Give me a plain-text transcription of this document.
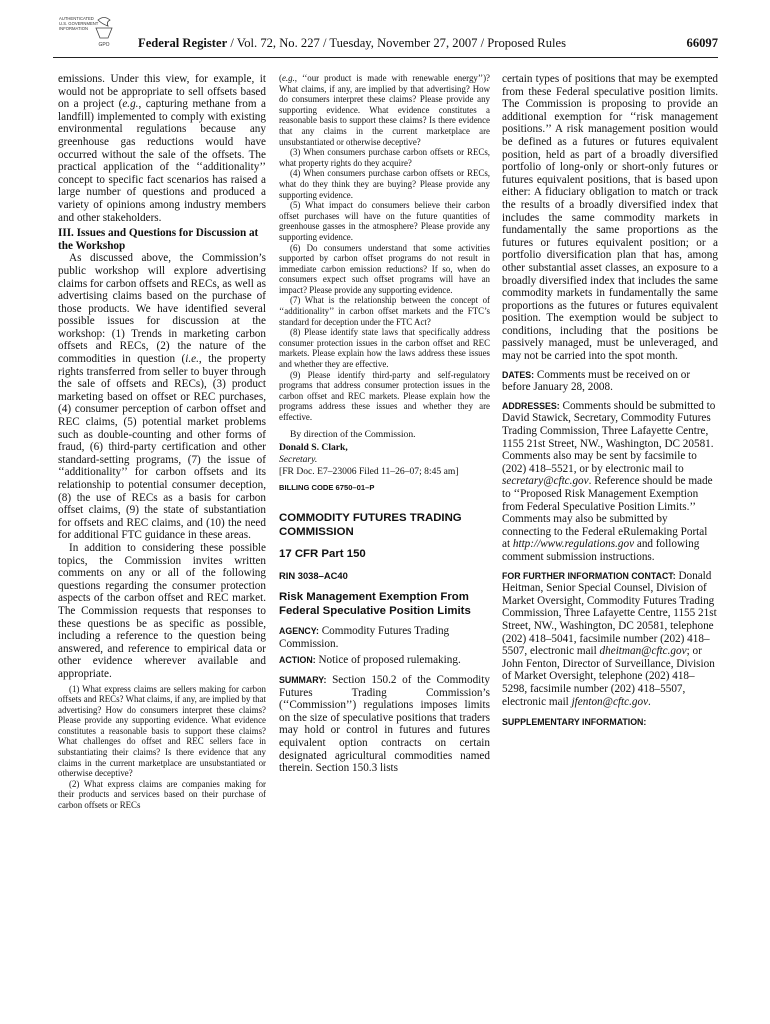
AUTHENTICATED
U.S. GOVERNMENT
INFORMATION
GPO Federal Register / Vol. 72, No. 227 / Tuesday, November 27, 2007 / Proposed Rules	66097

emissions. Under this view, for example, it would not be appropriate to sell offsets based on a project (e.g., capturing methane from a landfill) implemented to comply with existing environmental regulations because any greenhouse gas reductions would have occurred without the sale of the offsets. The practical application of the ‘‘additionality’’ concept to specific fact scenarios has raised a large number of questions and produced a variety of opinions among industry members and other stakeholders.

III. Issues and Questions for Discussion at the Workshop

As discussed above, the Commission’s public workshop will explore advertising claims for carbon offsets and RECs, as well as advertising claims based on the purchase of those products. We have identified several possible issues for discussion at the workshop: (1) Trends in marketing carbon offsets and RECs, (2) the nature of the commodities in question (i.e., the property rights transferred from seller to buyer through the sale of offsets and RECs), (3) product marketing based on offset or REC purchases, (4) consumer perception of carbon offset and REC claims, (5) potential market problems such as double-counting and other forms of fraud, (6) third-party certification and other standard-setting programs, (7) the issue of ‘‘additionality’’ for carbon offsets and its relationship to potential consumer deception, (8) the use of RECs as a basis for carbon offset claims, (9) the state of substantiation for offsets and REC claims, and (10) the need for additional FTC guidance in these areas.

In addition to considering these possible topics, the Commission invites written comments on any or all of the following questions regarding the consumer protection aspects of the carbon offset and REC market. The Commission requests that responses to these questions be as specific as possible, including a reference to the question being answered, and reference to empirical data or other evidence wherever available and appropriate.

(1) What express claims are sellers making for carbon offsets and RECs? What claims, if any, are implied by that advertising? How do consumers interpret these claims? Please provide any supporting evidence. What evidence constitutes a reasonable basis to support these claims? What challenges do offset and REC sellers face in substantiating their claims? Is there evidence that any claims in the current marketplace are unsubstantiated or otherwise deceptive?

(2) What express claims are companies making for their products and services based on their purchase of carbon offsets or RECs

(e.g., ‘‘our product is made with renewable energy’’)? What claims, if any, are implied by that advertising? How do consumers interpret these claims? Please provide any supporting evidence. What evidence constitutes a reasonable basis to support these claims? Is there evidence that any claims in the current marketplace are unsubstantiated or otherwise deceptive?

(3) When consumers purchase carbon offsets or RECs, what property rights do they acquire?

(4) When consumers purchase carbon offsets or RECs, what do they think they are buying? Please provide any supporting evidence.

(5) What impact do consumers believe their carbon offset purchases will have on the future quantities of greenhouse gasses in the atmosphere? Please provide any supporting evidence.

(6) Do consumers understand that some activities supported by carbon offset programs do not result in immediate carbon emission reductions? If so, when do consumers expect such offset programs will have an impact? Please provide any supporting evidence.

(7) What is the relationship between the concept of ‘‘additionality’’ in carbon offset markets and the FTC’s standard for deception under the FTC Act?

(8) Please identify state laws that specifically address consumer protection issues in the carbon offset and REC markets. Please explain how the laws address these issues and whether they are effective.

(9) Please identify third-party and self-regulatory programs that address consumer protection issues in the carbon offset and REC markets. Please explain how the programs address these issues and whether they are effective.

By direction of the Commission.

Donald S. Clark,

Secretary.

[FR Doc. E7–23006 Filed 11–26–07; 8:45 am]

BILLING CODE 6750–01–P

COMMODITY FUTURES TRADING COMMISSION

17 CFR Part 150

RIN 3038–AC40

Risk Management Exemption From Federal Speculative Position Limits

AGENCY: Commodity Futures Trading Commission.

ACTION: Notice of proposed rulemaking.

SUMMARY: Section 150.2 of the Commodity Futures Trading Commission’s (‘‘Commission’’) regulations imposes limits on the size of speculative positions that traders may hold or control in futures and futures equivalent option contracts on certain designated agricultural commodities named therein. Section 150.3 lists

certain types of positions that may be exempted from these Federal speculative position limits. The Commission is proposing to provide an additional exemption for ‘‘risk management positions.’’ A risk management position would be defined as a futures or futures equivalent position, held as part of a broadly diversified portfolio of long-only or short-only futures or futures equivalent positions, that is based upon either: A fiduciary obligation to match or track the results of a broadly diversified index that includes the same commodity markets in fundamentally the same proportions as the futures or futures equivalent position; or a portfolio diversification plan that has, among other substantial asset classes, an exposure to a broadly diversified index that includes the same commodity markets in fundamentally the same proportions as the futures or futures equivalent position. The exemption would be subject to conditions, including that the positions be passively managed, must be unleveraged, and may not be carried into the spot month.

DATES: Comments must be received on or before January 28, 2008.

ADDRESSES: Comments should be submitted to David Stawick, Secretary, Commodity Futures Trading Commission, Three Lafayette Centre, 1155 21st Street, NW., Washington, DC 20581. Comments also may be sent by facsimile to (202) 418–5521, or by electronic mail to secretary@cftc.gov. Reference should be made to ‘‘Proposed Risk Management Exemption from Federal Speculative Position Limits.’’ Comments may also be submitted by connecting to the Federal eRulemaking Portal at http://www.regulations.gov and following comment submission instructions.

FOR FURTHER INFORMATION CONTACT: Donald Heitman, Senior Special Counsel, Division of Market Oversight, Commodity Futures Trading Commission, Three Lafayette Centre, 1155 21st Street, NW., Washington, DC 20581, telephone (202) 418–5041, facsimile number (202) 418–5507, electronic mail dheitman@cftc.gov; or John Fenton, Director of Surveillance, Division of Market Oversight, telephone (202) 418–5298, facsimile number (202) 418–5507, electronic mail jfenton@cftc.gov.

SUPPLEMENTARY INFORMATION:
